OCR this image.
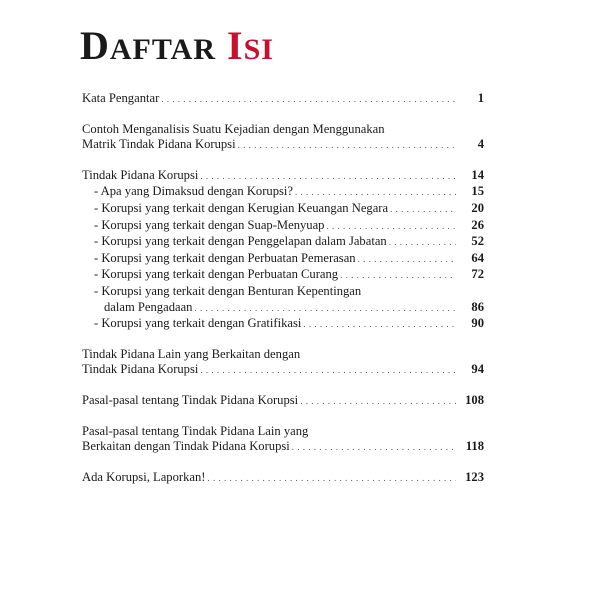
DAFTAR ISI
Kata Pengantar . . .	1
Contoh Menganalisis Suatu Kejadian dengan Menggunakan
Matrik Tindak Pidana Korupsi . . .	4
Tindak Pidana Korupsi . . .	14
- Apa yang Dimaksud dengan Korupsi? . . .	15
- Korupsi yang terkait dengan Kerugian Keuangan Negara . . .	20
- Korupsi yang terkait dengan Suap-Menyuap . . .	26
- Korupsi yang terkait dengan Penggelapan dalam Jabatan . . .	52
- Korupsi yang terkait dengan Perbuatan Pemerasan . . .	64
- Korupsi yang terkait dengan Perbuatan Curang . . .	72
- Korupsi yang terkait dengan Benturan Kepentingan
dalam Pengadaan . . .	86
- Korupsi yang terkait dengan Gratifikasi . . .	90
Tindak Pidana Lain yang Berkaitan dengan
Tindak Pidana Korupsi . . .	94
Pasal-pasal tentang Tindak Pidana Korupsi . . .	108
Pasal-pasal tentang Tindak Pidana Lain yang
Berkaitan dengan Tindak Pidana Korupsi . . .	118
Ada Korupsi, Laporkan! . . .	123
